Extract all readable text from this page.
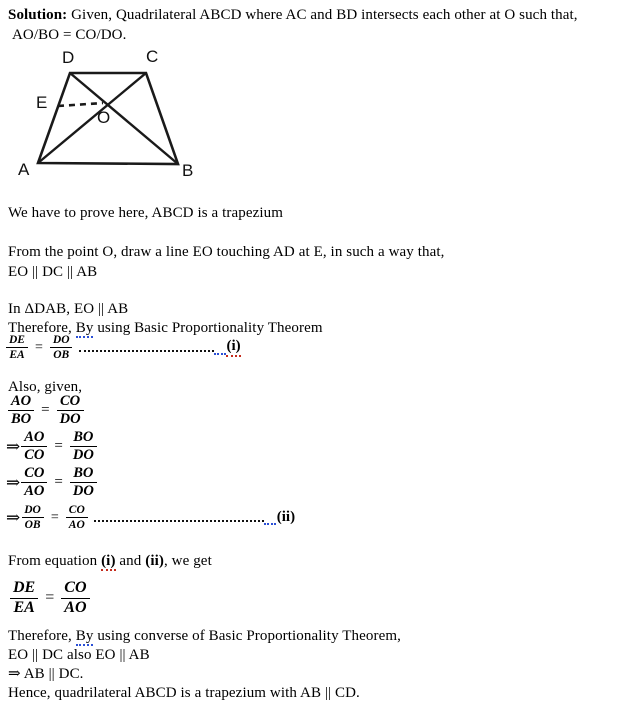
Solution: Given, Quadrilateral ABCD where AC and BD intersects each other at O such that,
AO/BO = CO/DO.
D	C
E
O
A	B
We have to prove here, ABCD is a trapezium
From the point O, draw a line EO touching AD at E, in such a way that,
EO || DC || AB
In ΔDAB, EO || AB
Therefore, By using Basic Proportionality Theorem
$\frac{DE}{EA} = \frac{DO}{OB}$	(i)
Also, given,
$\frac{AO}{BO} = \frac{CO}{DO}$
⇒ $\frac{AO}{CO} = \frac{BO}{DO}$
⇒ $\frac{CO}{AO} = \frac{BO}{DO}$
⇒ $\frac{DO}{OB} = \frac{CO}{AO}$	(ii)
From equation (i) and (ii), we get
$\frac{DE}{EA} = \frac{CO}{AO}$
Therefore, By using converse of Basic Proportionality Theorem,
EO || DC also EO || AB
⇒ AB || DC.
Hence, quadrilateral ABCD is a trapezium with AB || CD.
